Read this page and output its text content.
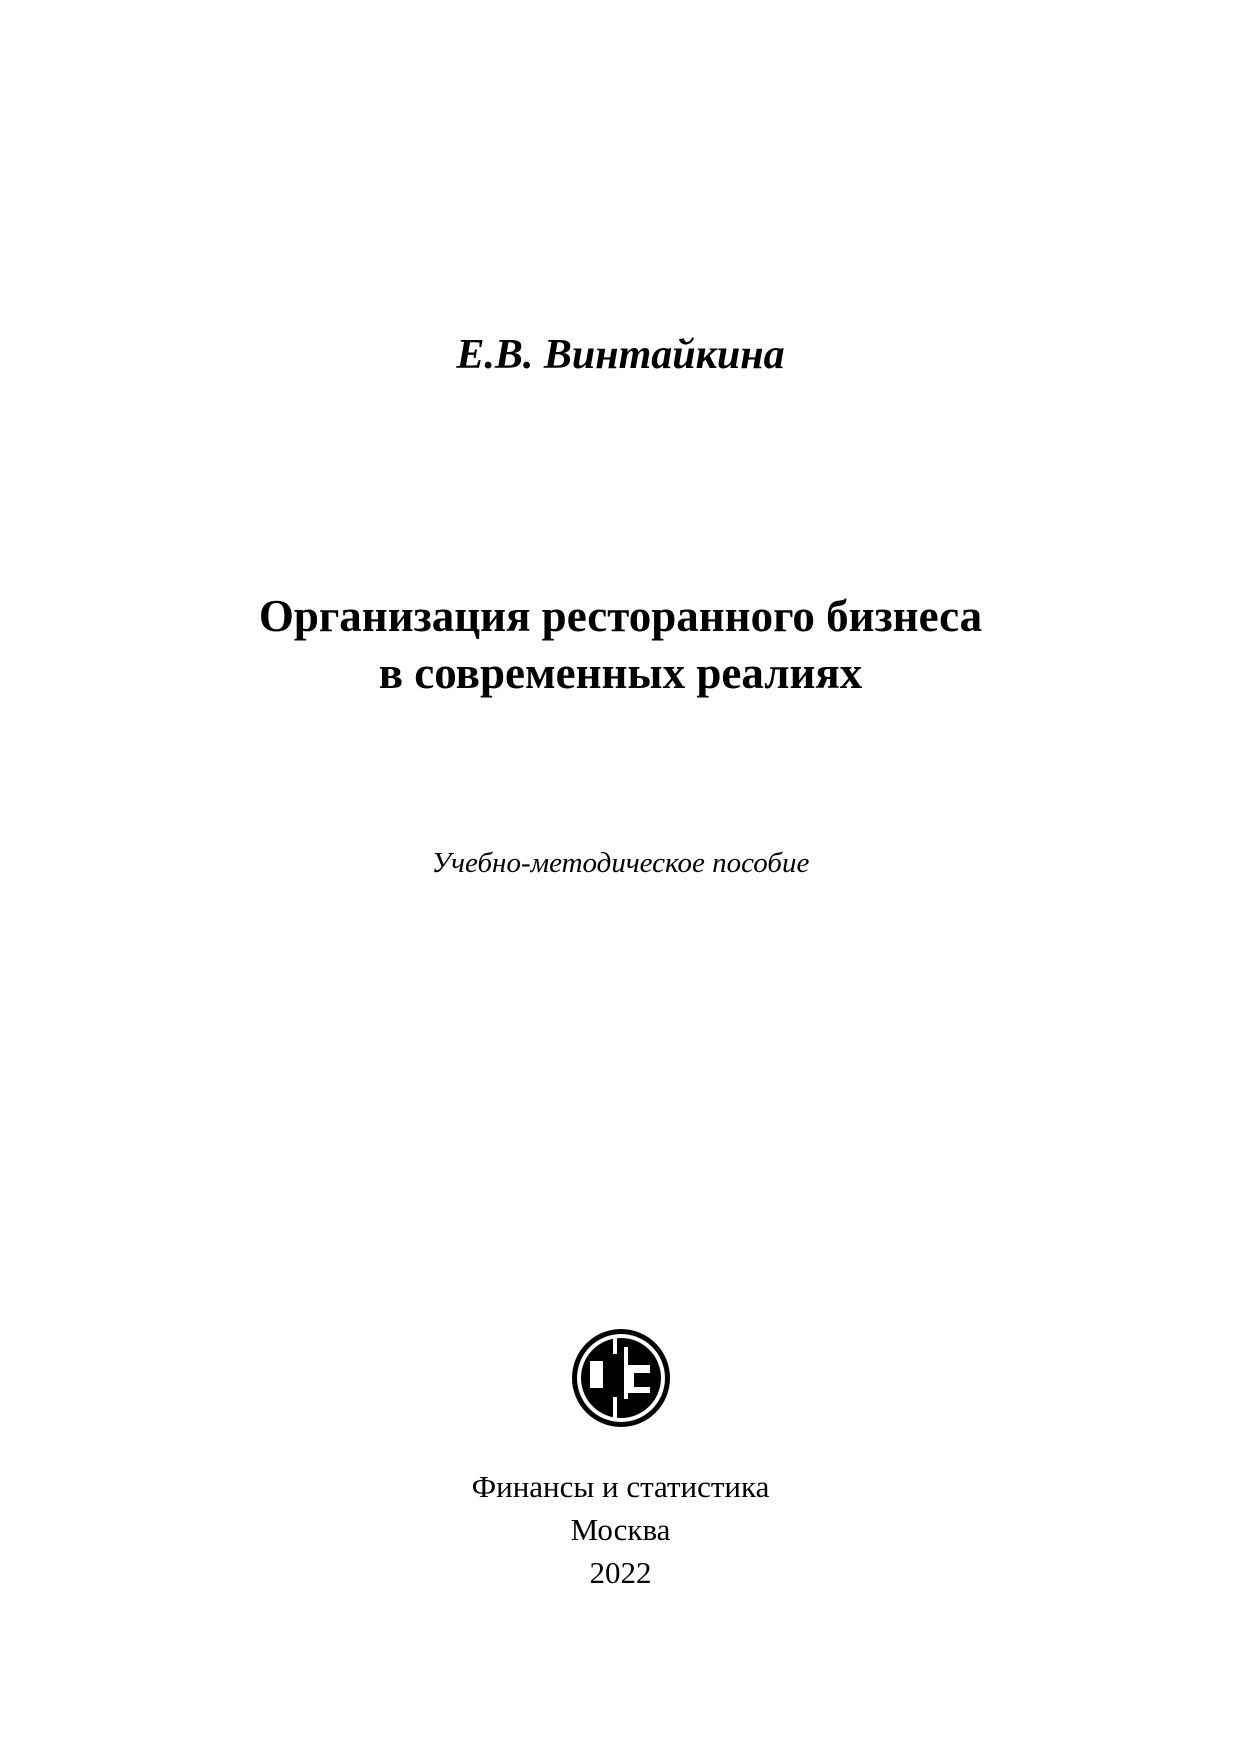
Е.В. Винтайкина
Организация ресторанного бизнеса
в современных реалиях
Учебно-методическое пособие
Финансы и статистика
Москва
2022
